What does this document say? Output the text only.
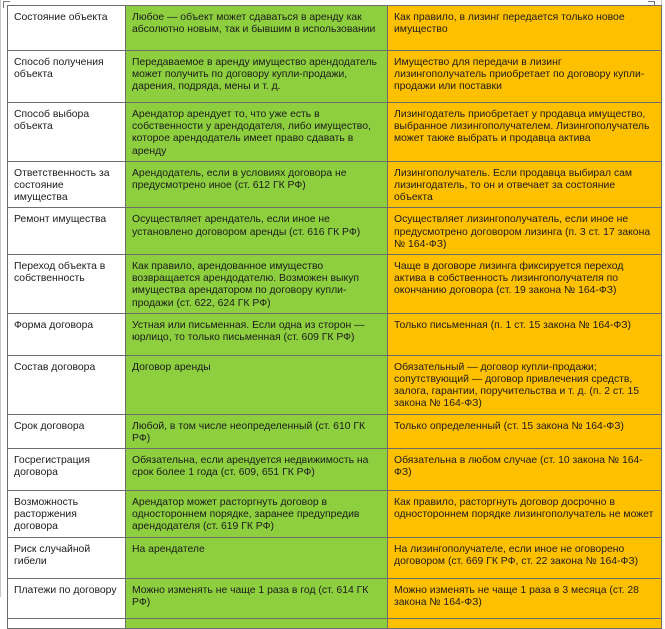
Состояние объекта	Любое — объект может сдаваться в аренду как абсолютно новым, так и бывшим в использовании	Как правило, в лизинг передается только новое имущество
Способ получения объекта	Передаваемое в аренду имущество арендодатель может получить по договору купли-продажи, дарения, подряда, мены и т. д.	Имущество для передачи в лизинг лизингополучатель приобретает по договору купли-продажи или поставки
Способ выбора объекта	Арендатор арендует то, что уже есть в собственности у арендодателя, либо имущество, которое арендодатель имеет право сдавать в аренду	Лизингодатель приобретает у продавца имущество, выбранное лизингополучателем. Лизингополучатель может также выбрать и продавца актива
Ответственность за состояние имущества	Арендодатель, если в условиях договора не предусмотрено иное (ст. 612 ГК РФ)	Лизингополучатель. Если продавца выбирал сам лизингодатель, то он и отвечает за состояние объекта
Ремонт имущества	Осуществляет арендатель, если иное не установлено договором аренды (ст. 616 ГК РФ)	Осуществляет лизингополучатель, если иное не предусмотрено договором лизинга (п. 3 ст. 17 закона № 164-ФЗ)
Переход объекта в собственность	Как правило, арендованное имущество возвращается арендодателю. Возможен выкуп имущества арендатором по договору купли-продажи (ст. 622, 624 ГК РФ)	Чаще в договоре лизинга фиксируется переход актива в собственность лизингополучателя по окончанию договора (ст. 19 закона № 164-ФЗ)
Форма договора	Устная или письменная. Если одна из сторон — юрлицо, то только письменная (ст. 609 ГК РФ)	Только письменная (п. 1 ст. 15 закона № 164-ФЗ)
Состав договора	Договор аренды	Обязательный — договор купли-продажи; сопутствующий — договор привлечения средств, залога, гарантии, поручительства и т. д. (п. 2 ст. 15 закона № 164-ФЗ)
Срок договора	Любой, в том числе неопределенный (ст. 610 ГК РФ)	Только определенный (ст. 15 закона № 164-ФЗ)
Госрегистрация договора	Обязательна, если арендуется недвижимость на срок более 1 года (ст. 609, 651 ГК РФ)	Обязательна в любом случае (ст. 10 закона № 164-ФЗ)
Возможность расторжения договора	Арендатор может расторгнуть договор в одностороннем порядке, заранее предупредив арендодателя (ст. 619 ГК РФ)	Как правило, расторгнуть договор досрочно в одностороннем порядке лизингополучатель не может
Риск случайной гибели	На арендателе	На лизингополучателе, если иное не оговорено договором (ст. 669 ГК РФ, ст. 22 закона № 164-ФЗ)
Платежи по договору	Можно изменять не чаще 1 раза в год (ст. 614 ГК РФ)	Можно изменять не чаще 1 раза в 3 месяца (ст. 28 закона № 164-ФЗ)
